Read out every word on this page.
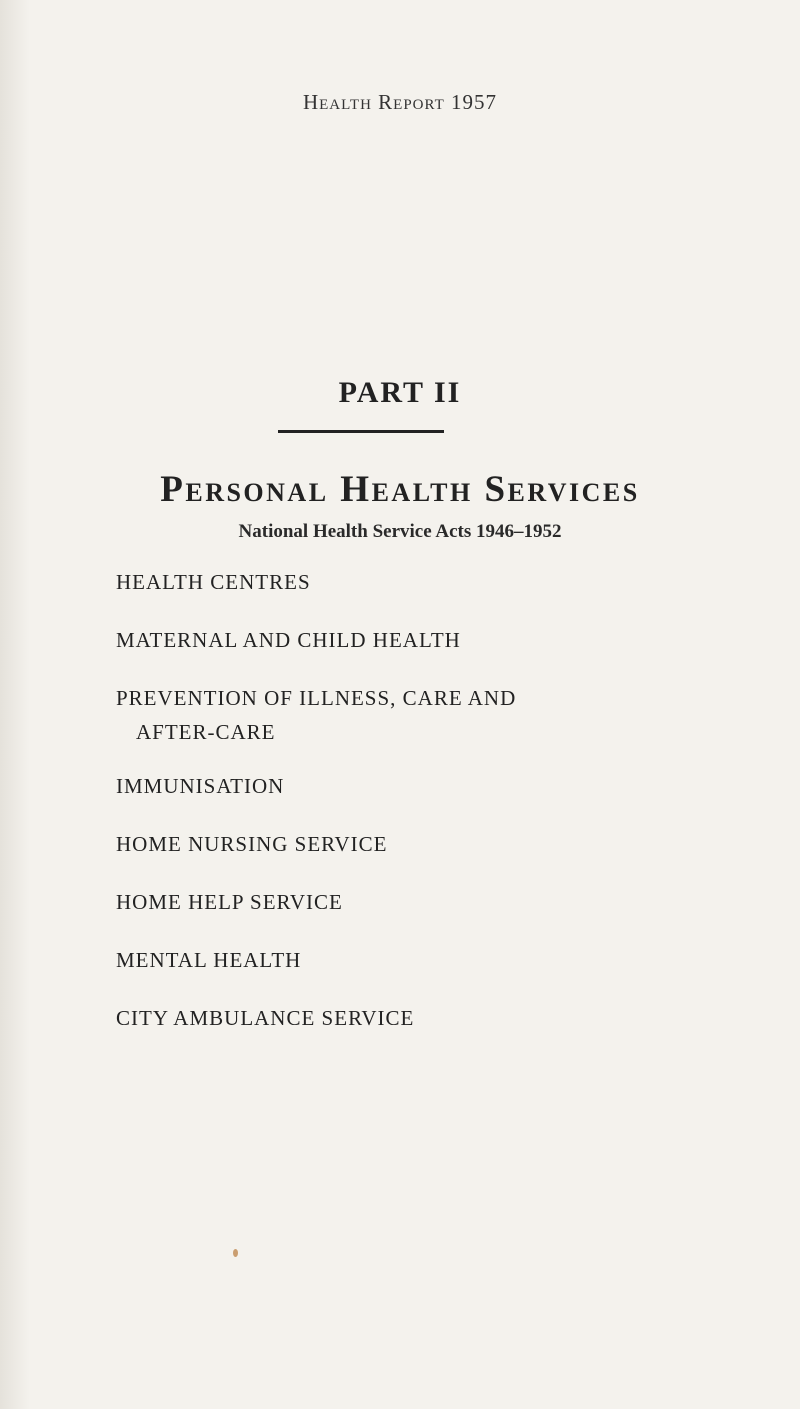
Health Report 1957

PART II
Personal Health Services

National Health Service Acts 1946–1952

HEALTH CENTRES
MATERNAL AND CHILD HEALTH
PREVENTION OF ILLNESS, CARE AND
AFTER-CARE
IMMUNISATION
HOME NURSING SERVICE
HOME HELP SERVICE
MENTAL HEALTH
CITY AMBULANCE SERVICE
